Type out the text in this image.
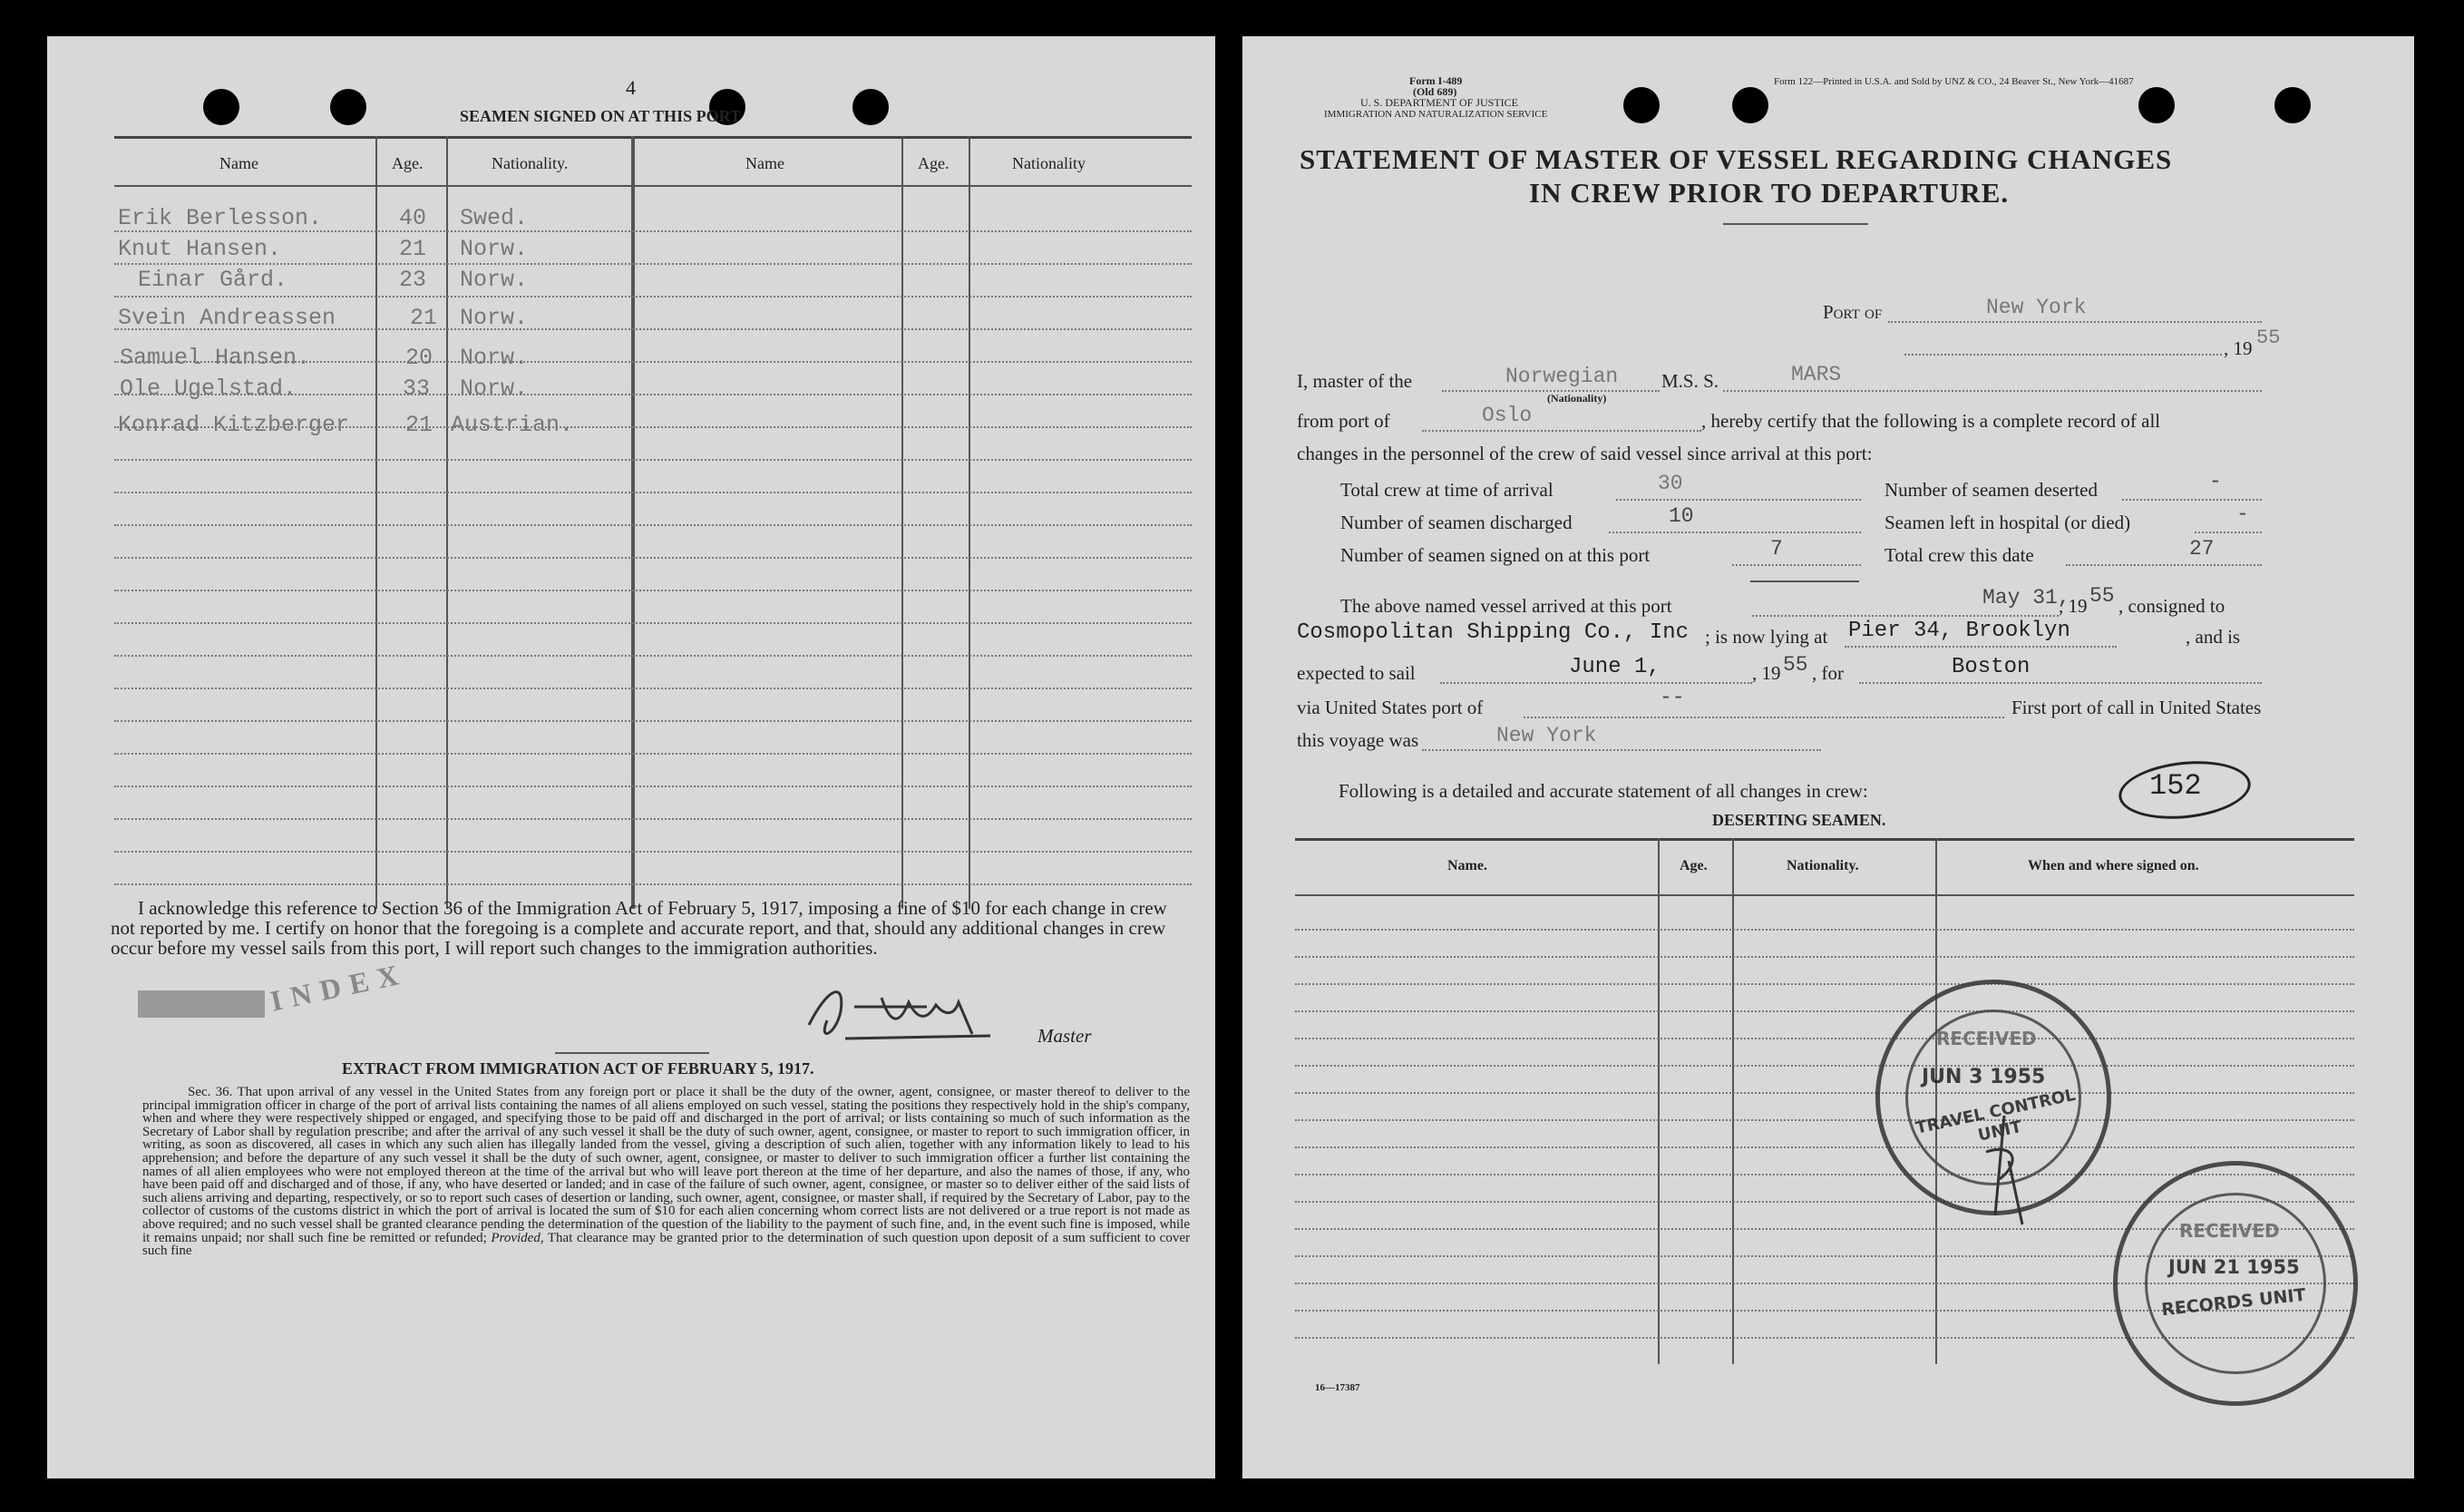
4
SEAMEN SIGNED ON AT THIS PORT
Name	Age.	Nationality.	Name	Age.	Nationality
Erik Berlesson.	40 Swed.
Knut Hansen.	21 Norw.
Einar Gård.	23 Norw.
Svein Andreassen	21 Norw.
Samuel Hansen.	20 Norw.
Ole Ugelstad.	33 Norw.
Konrad Kitzberger 21 Austrian.
I acknowledge this reference to Section 36 of the Immigration Act of February 5, 1917, imposing a fine of $10 for each change in crew not reported by me. I certify on honor that the foregoing is a complete and accurate report, and that, should any additional changes in crew occur before my vessel sails from this port, I will report such changes to the immigration authorities.
INDEX
Master
EXTRACT FROM IMMIGRATION ACT OF FEBRUARY 5, 1917.
Sec. 36. That upon arrival of any vessel in the United States from any foreign port or place it shall be the duty of the owner, agent, consignee, or master thereof to deliver to the principal immigration officer in charge of the port of arrival lists containing the names of all aliens employed on such vessel, stating the positions they respectively hold in the ship's company, when and where they were respectively shipped or engaged, and specifying those to be paid off and discharged in the port of arrival; or lists containing so much of such information as the Secretary of Labor shall by regulation prescribe; and after the arrival of any such vessel it shall be the duty of such owner, agent, consignee, or master to report to such immigration officer, in writing, as soon as discovered, all cases in which any such alien has illegally landed from the vessel, giving a description of such alien, together with any information likely to lead to his apprehension; and before the departure of any such vessel it shall be the duty of such owner, agent, consignee, or master to deliver to such immigration officer a further list containing the names of all alien employees who were not employed thereon at the time of the arrival but who will leave port thereon at the time of her departure, and also the names of those, if any, who have been paid off and discharged and of those, if any, who have deserted or landed; and in case of the failure of such owner, agent, consignee, or master so to deliver either of the said lists of such aliens arriving and departing, respectively, or so to report such cases of desertion or landing, such owner, agent, consignee, or master shall, if required by the Secretary of Labor, pay to the collector of customs of the customs district in which the port of arrival is located the sum of $10 for each alien concerning whom correct lists are not delivered or a true report is not made as above required; and no such vessel shall be granted clearance pending the determination of the question of the liability to the payment of such fine, and, in the event such fine is imposed, while it remains unpaid; nor shall such fine be remitted or refunded; Provided, That clearance may be granted prior to the determination of such question upon deposit of a sum sufficient to cover such fine
Form I-489
(Old 689)
U. S. DEPARTMENT OF JUSTICE
IMMIGRATION AND NATURALIZATION SERVICE
Form 122—Printed in U.S.A. and Sold by UNZ & CO., 24 Beaver St., New York—41687
STATEMENT OF MASTER OF VESSEL REGARDING CHANGES
IN CREW PRIOR TO DEPARTURE.
Port of	New York
, 19 55
I, master of the	Norwegian
(Nationality)
M.S. S.	MARS
from port of	Oslo	, hereby certify that the following is a complete record of all
changes in the personnel of the crew of said vessel since arrival at this port:
Total crew at time of arrival	30	Number of seamen deserted	-
Number of seamen discharged	10	Seamen left in hospital (or died)	-
Number of seamen signed on at this port	7	Total crew this date	27
The above named vessel arrived at this port	May 31,
, 19 55 , consigned to
Cosmopolitan Shipping Co., Inc ; is now lying at Pier 34, Brooklyn	, and is
expected to sail	June 1,	, 19 55 , for	Boston
via United States port of	--	First port of call in United States
this voyage was	New York
Following is a detailed and accurate statement of all changes in crew:	152
DESERTING SEAMEN.
Name.	Age.	Nationality.	When and where signed on.
RECEIVED
JUN 3 1955
TRAVEL CONTROL UNIT
RECEIVED
JUN 21 1955
RECORDS UNIT
16—17387
